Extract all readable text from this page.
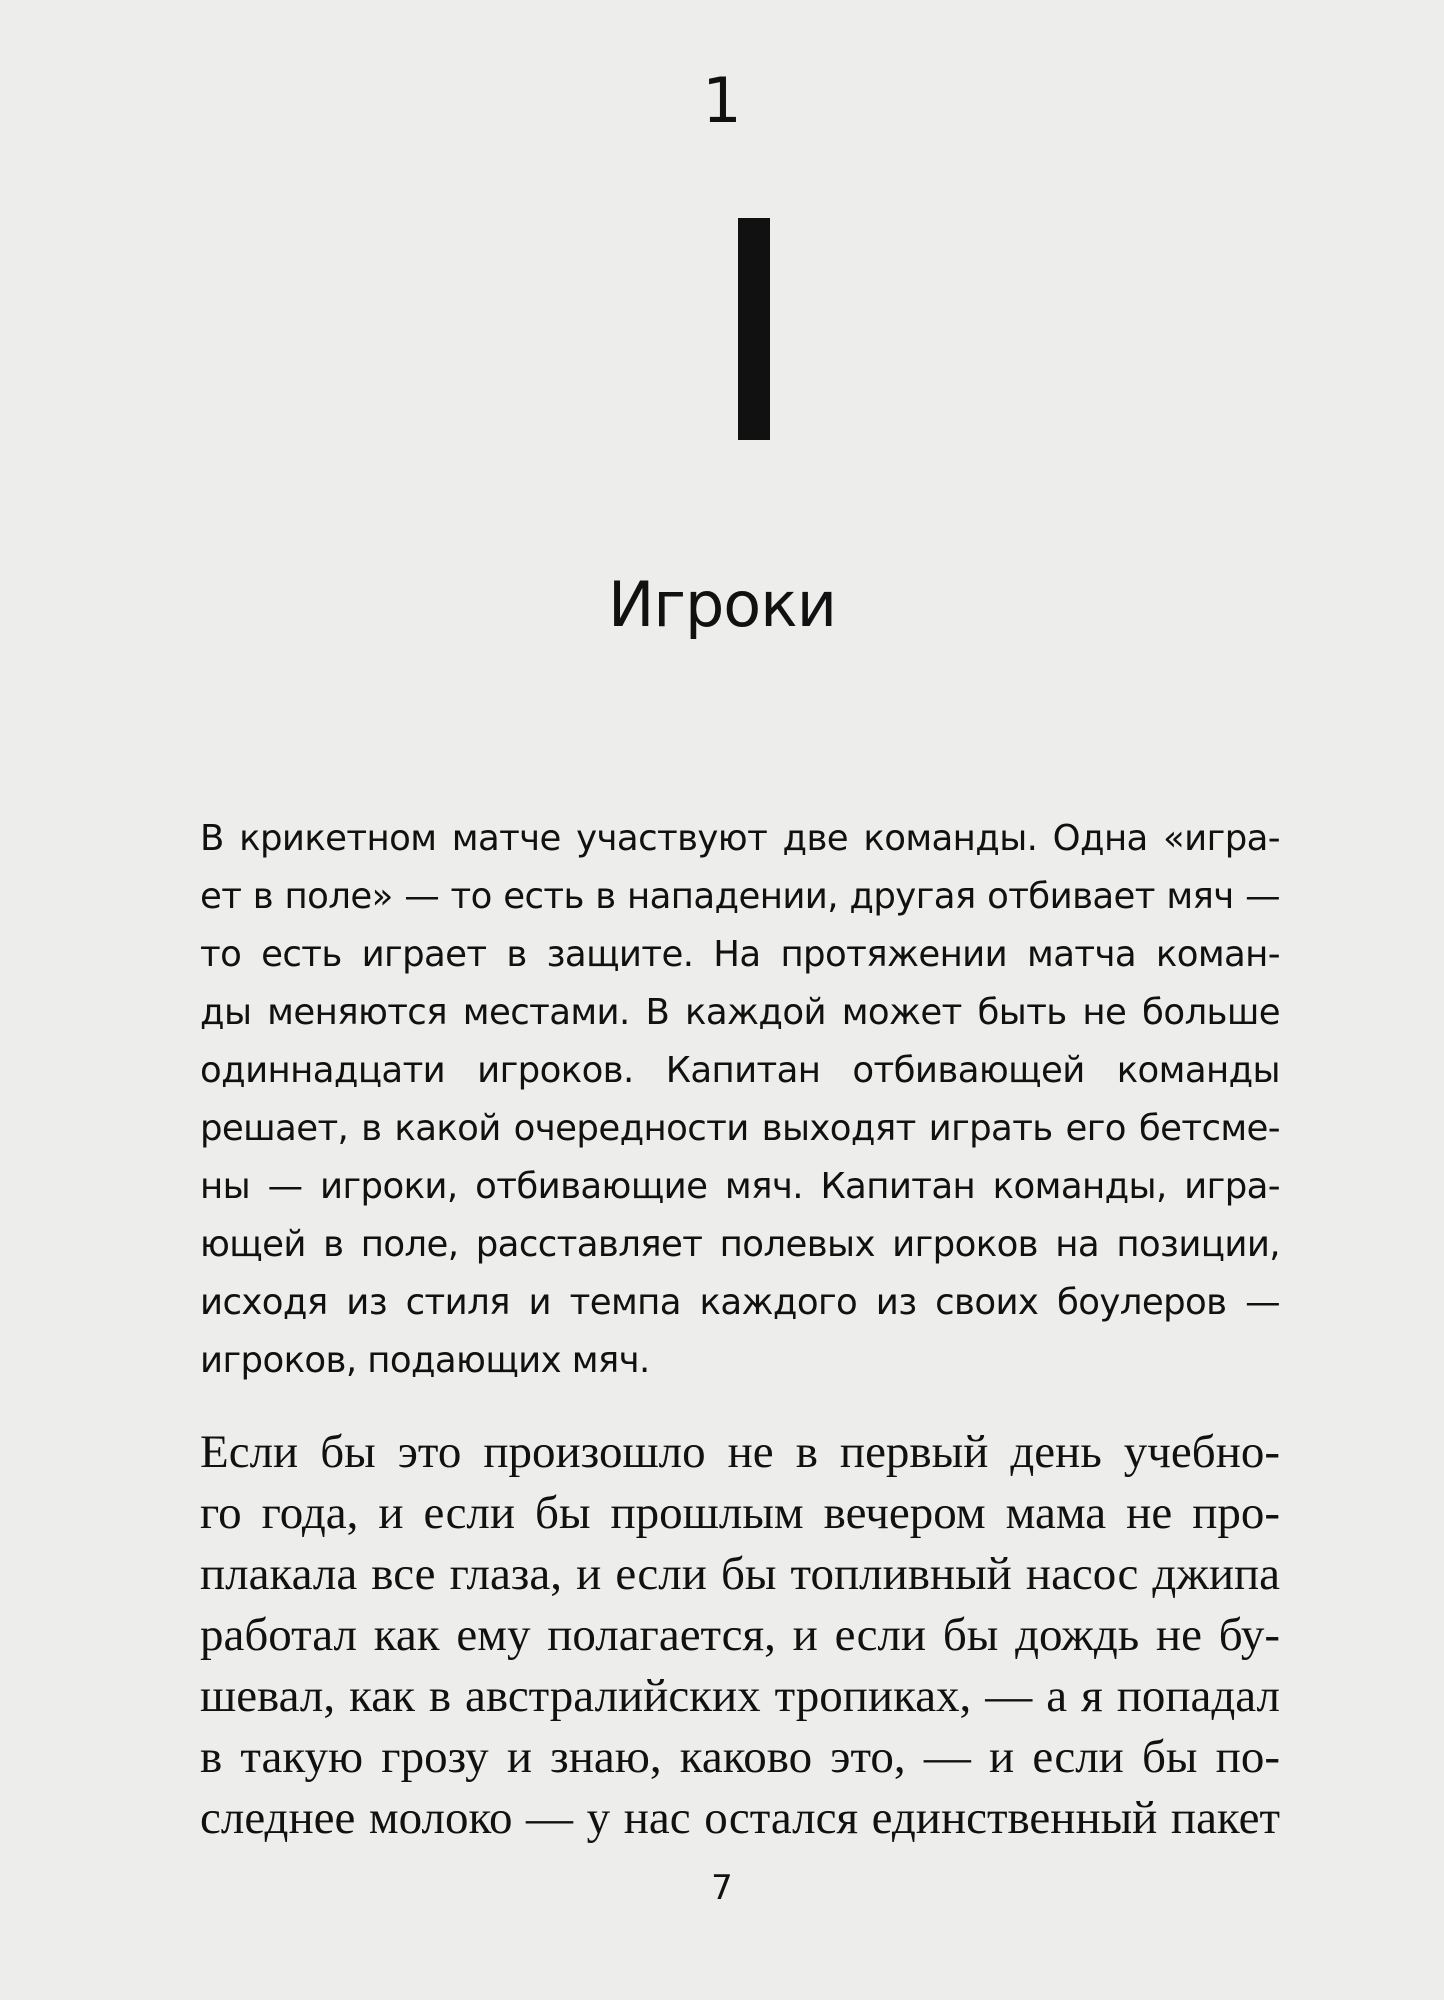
1
Игроки
В крикетном матче участвуют две команды. Одна «игра-
ет в поле» — то есть в нападении, другая отбивает мяч —
то есть играет в защите. На протяжении матча коман-
ды меняются местами. В каждой может быть не больше
одиннадцати игроков. Капитан отбивающей команды
решает, в какой очередности выходят играть его бетсме-
ны — игроки, отбивающие мяч. Капитан команды, игра-
ющей в поле, расставляет полевых игроков на позиции,
исходя из стиля и темпа каждого из своих боулеров —
игроков, подающих мяч.
Если бы это произошло не в первый день учебно-
го года, и если бы прошлым вечером мама не про-
плакала все глаза, и если бы топливный насос джипа
работал как ему полагается, и если бы дождь не бу-
шевал, как в австралийских тропиках, — а я попадал
в такую грозу и знаю, каково это, — и если бы по-
следнее молоко — у нас остался единственный пакет
7
